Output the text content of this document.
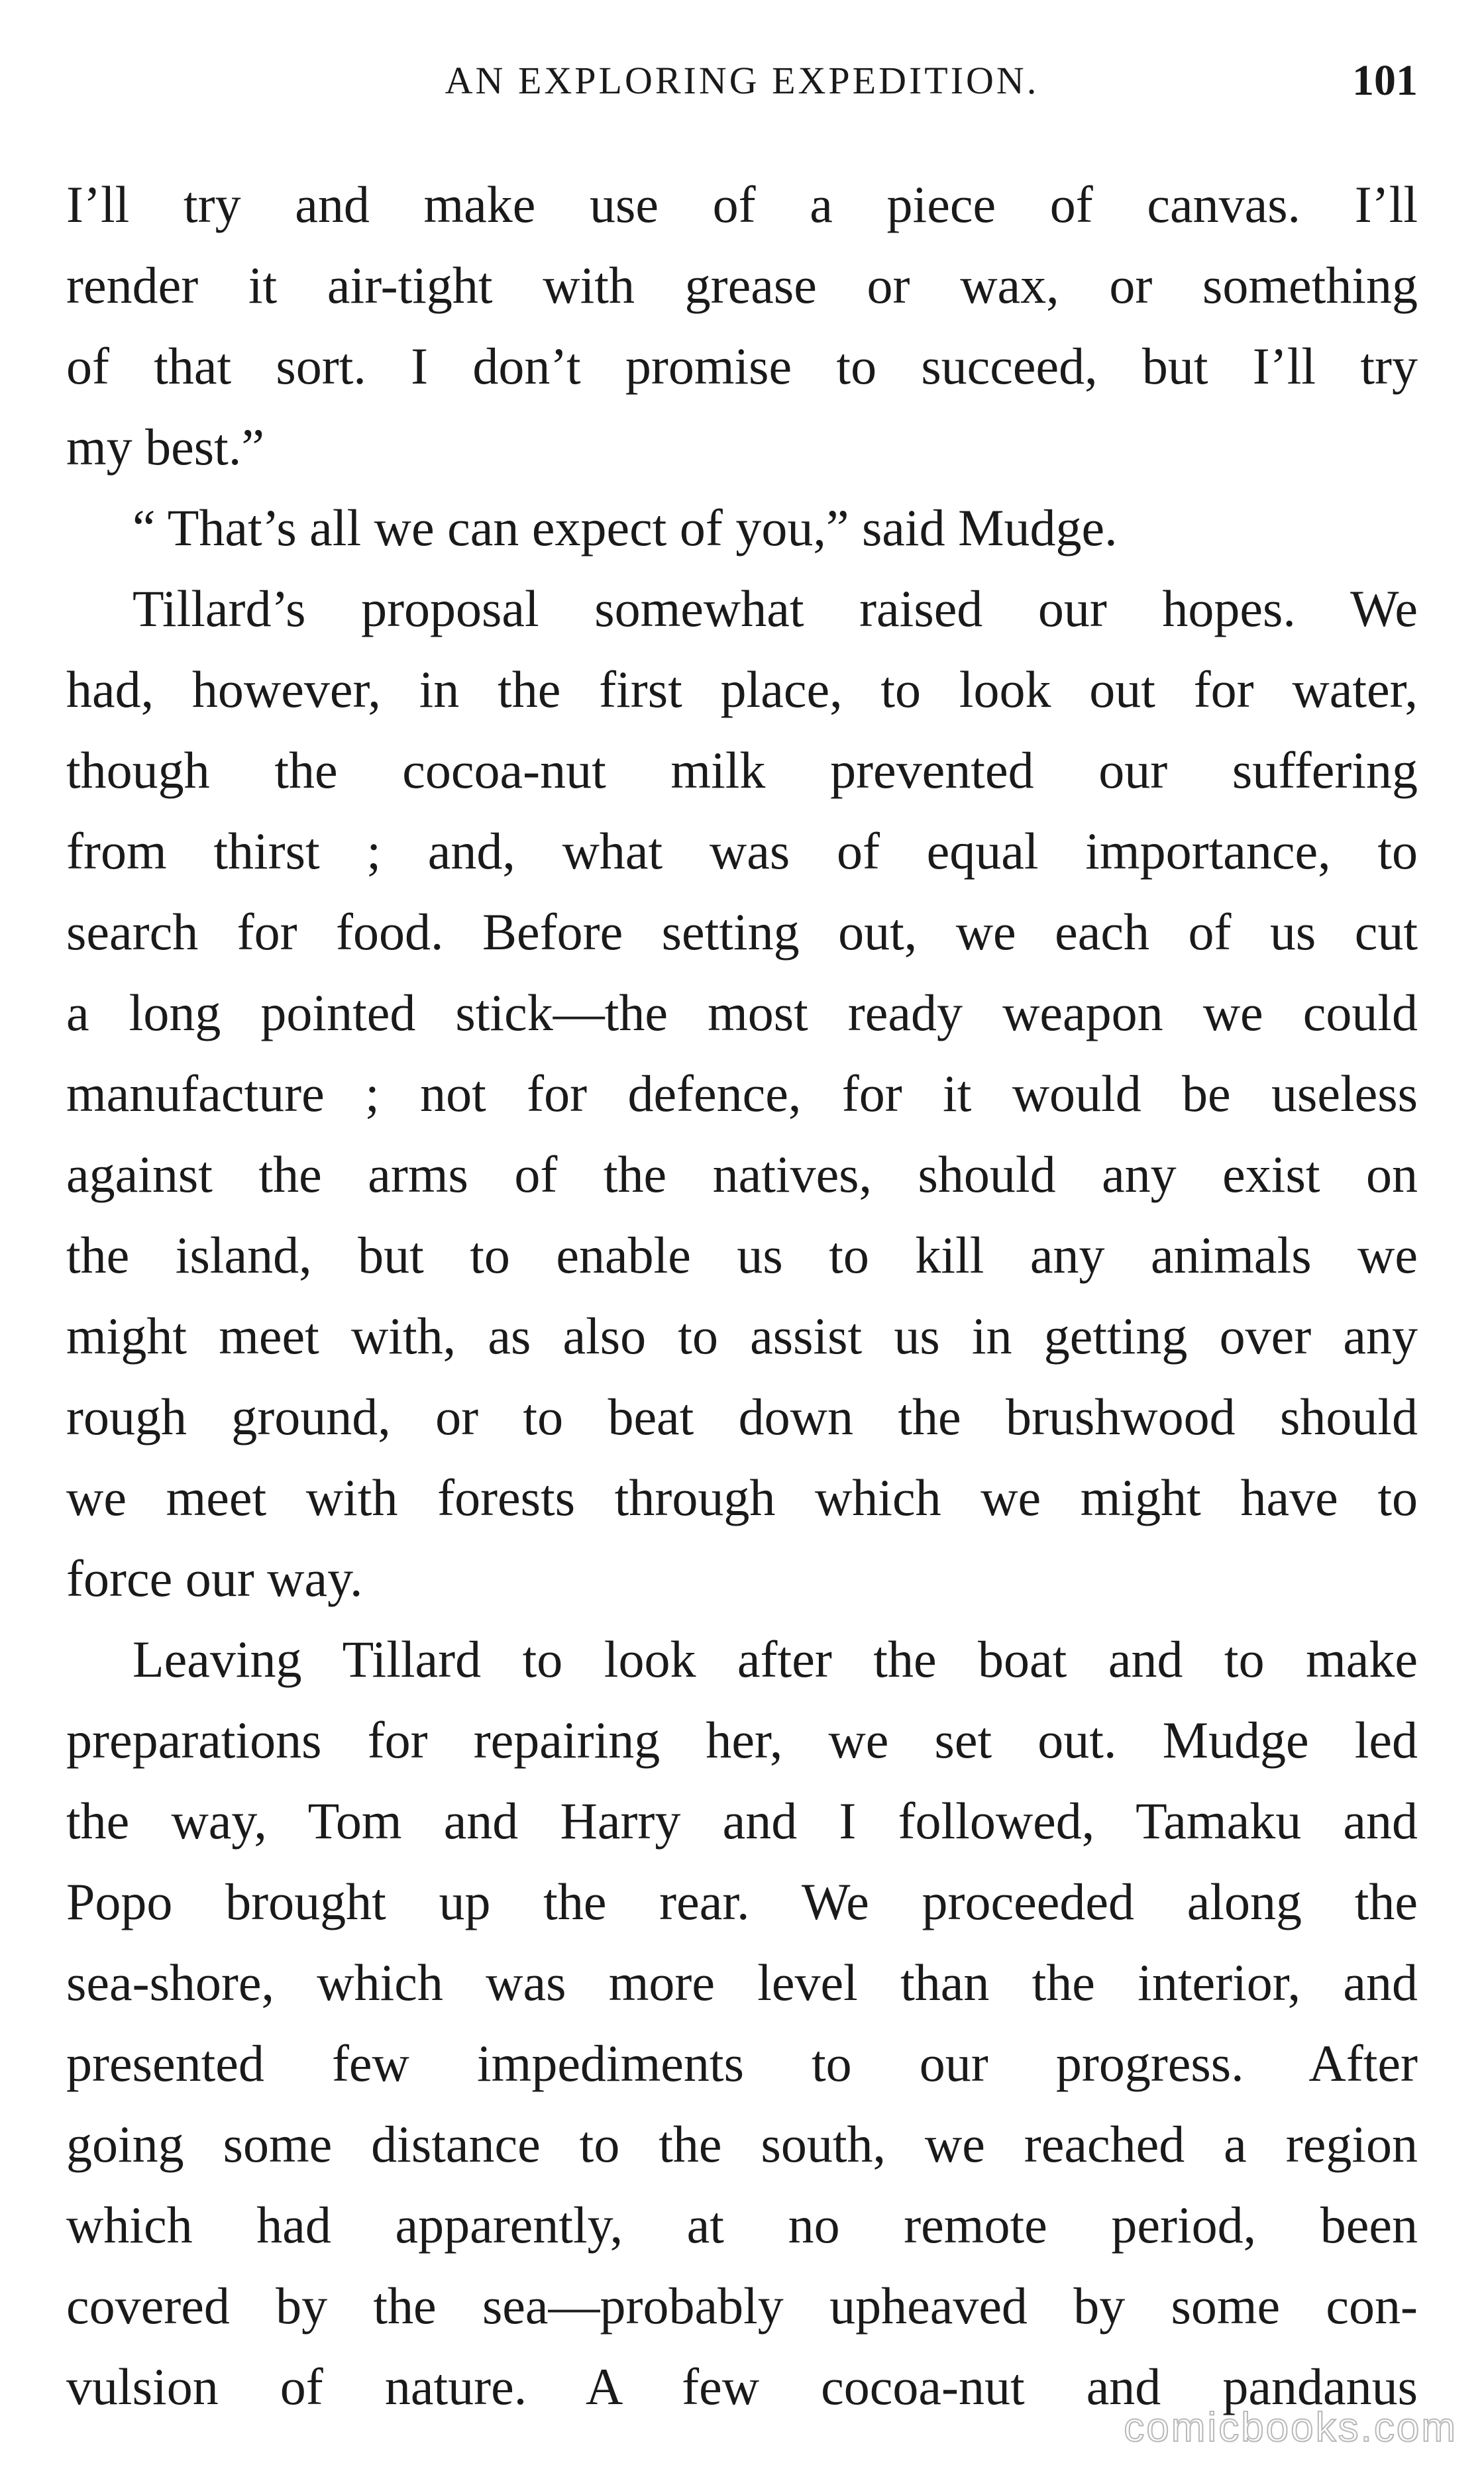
AN EXPLORING EXPEDITION.	101
I’ll try and make use of a piece of canvas. I’ll
render it air-tight with grease or wax, or something
of that sort. I don’t promise to succeed, but I’ll try
my best.”
“ That’s all we can expect of you,” said Mudge.
Tillard’s proposal somewhat raised our hopes. We
had, however, in the first place, to look out for water,
though the cocoa-nut milk prevented our suffering
from thirst ; and, what was of equal importance, to
search for food. Before setting out, we each of us cut
a long pointed stick—the most ready weapon we could
manufacture ; not for defence, for it would be useless
against the arms of the natives, should any exist on
the island, but to enable us to kill any animals we
might meet with, as also to assist us in getting over any
rough ground, or to beat down the brushwood should
we meet with forests through which we might have to
force our way.
Leaving Tillard to look after the boat and to make
preparations for repairing her, we set out. Mudge led
the way, Tom and Harry and I followed, Tamaku and
Popo brought up the rear. We proceeded along the
sea-shore, which was more level than the interior, and
presented few impediments to our progress. After
going some distance to the south, we reached a region
which had apparently, at no remote period, been
covered by the sea—probably upheaved by some con-
vulsion of nature. A few cocoa-nut and pandanus
comicbooks.com
